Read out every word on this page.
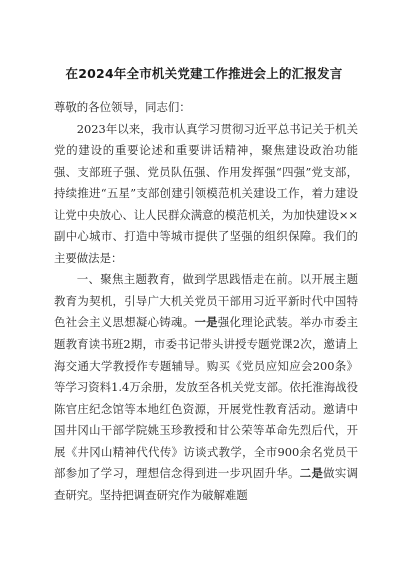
在2024年全市机关党建工作推进会上的汇报发言

尊敬的各位领导，同志们：

2023年以来，我市认真学习贯彻习近平总书记关于机关党的建设的重要论述和重要讲话精神，聚焦建设政治功能强、支部班子强、党员队伍强、作用发挥强“四强”党支部，持续推进“五星”支部创建引领模范机关建设工作，着力建设让党中央放心、让人民群众满意的模范机关，为加快建设××副中心城市、打造中等城市提供了坚强的组织保障。我们的主要做法是：

一、聚焦主题教育，做到学思践悟走在前。以开展主题教育为契机，引导广大机关党员干部用习近平新时代中国特色社会主义思想凝心铸魂。一是强化理论武装。举办市委主题教育读书班2期，市委书记带头讲授专题党课2次，邀请上海交通大学教授作专题辅导。购买《党员应知应会200条》等学习资料1.4万余册，发放至各机关党支部。依托淮海战役陈官庄纪念馆等本地红色资源，开展党性教育活动。邀请中国井冈山干部学院姚玉珍教授和甘公荣等革命先烈后代，开展《井冈山精神代代传》访谈式教学，全市900余名党员干部参加了学习，理想信念得到进一步巩固升华。二是做实调查研究。坚持把调查研究作为破解难题
